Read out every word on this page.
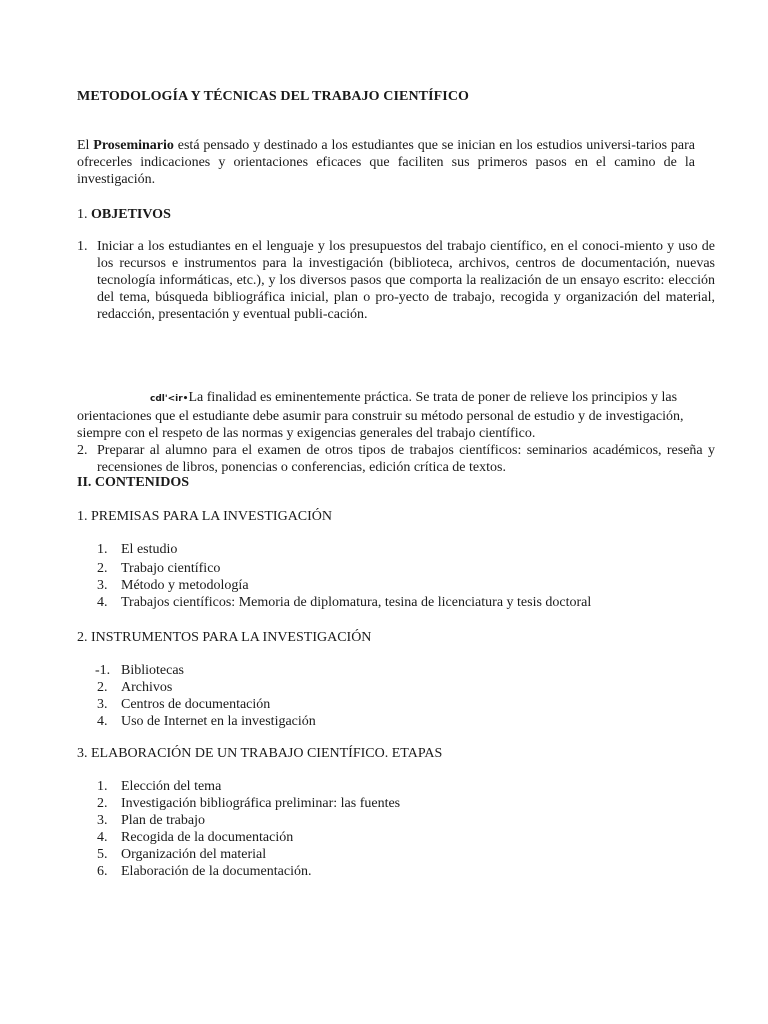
METODOLOGÍA Y TÉCNICAS DEL TRABAJO CIENTÍFICO
El Proseminario está pensado y destinado a los estudiantes que se inician en los estudios universi-tarios para ofrecerles indicaciones y orientaciones eficaces que faciliten sus primeros pasos en el camino de la investigación.
1. OBJETIVOS
1. Iniciar a los estudiantes en el lenguaje y los presupuestos del trabajo científico, en el conoci-miento y uso de los recursos e instrumentos para la investigación (biblioteca, archivos, centros de documentación, nuevas tecnología informáticas, etc.), y los diversos pasos que comporta la realización de un ensayo escrito: elección del tema, búsqueda bibliográfica inicial, plan o pro-yecto de trabajo, recogida y organización del material, redacción, presentación y eventual publi-cación.
2. Preparar al alumno para el examen de otros tipos de trabajos científicos: seminarios académicos, reseña y recensiones de libros, ponencias o conferencias, edición crítica de textos.
cdl'<ir•La finalidad es eminentemente práctica. Se trata de poner de relieve los principios y las orientaciones que el estudiante debe asumir para construir su método personal de estudio y de investigación, siempre con el respeto de las normas y exigencias generales del trabajo científico.
II. CONTENIDOS
1. PREMISAS PARA LA INVESTIGACIÓN
1. El estudio
2. Trabajo científico
3. Método y metodología
4. Trabajos científicos: Memoria de diplomatura, tesina de licenciatura y tesis doctoral
2. INSTRUMENTOS PARA LA INVESTIGACIÓN
-1. Bibliotecas
2. Archivos
3. Centros de documentación
4. Uso de Internet en la investigación
3. ELABORACIÓN DE UN TRABAJO CIENTÍFICO. ETAPAS
1. Elección del tema
2. Investigación bibliográfica preliminar: las fuentes
3. Plan de trabajo
4. Recogida de la documentación
5. Organización del material
6. Elaboración de la documentación.
